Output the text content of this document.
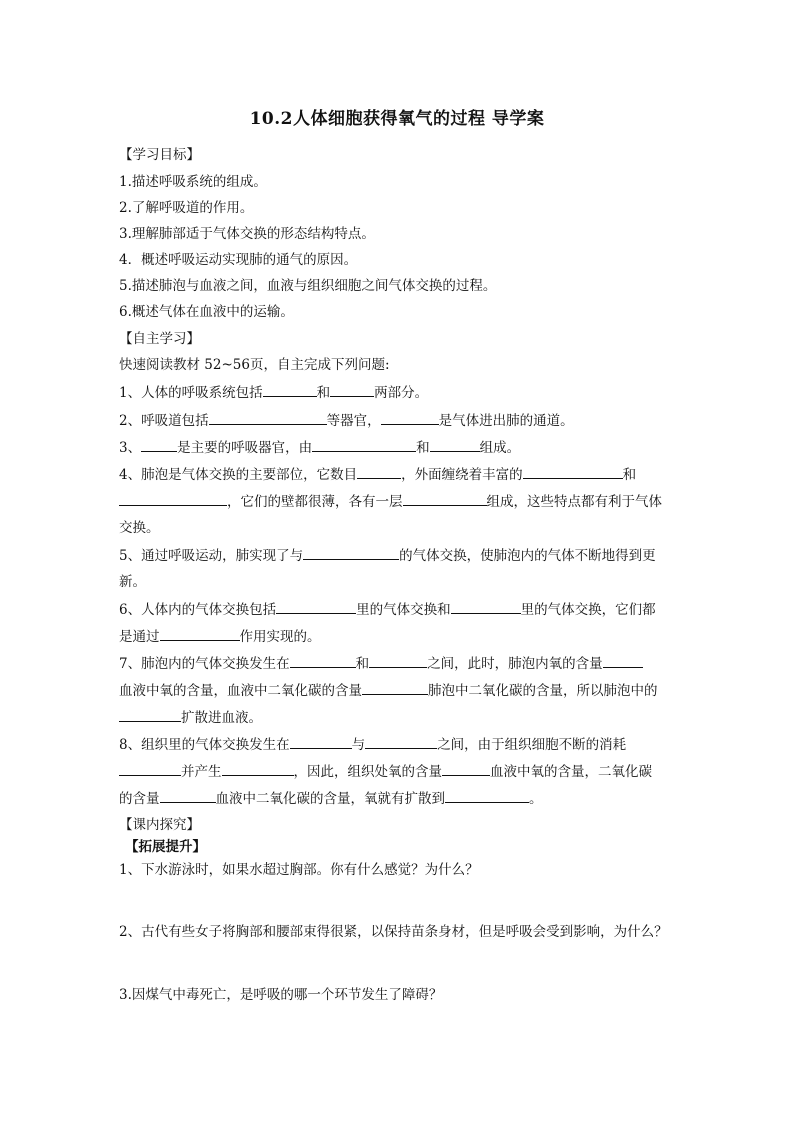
10.2人体细胞获得氧气的过程 导学案
【学习目标】
1.描述呼吸系统的组成。
2.了解呼吸道的作用。
3.理解肺部适于气体交换的形态结构特点。
4．概述呼吸运动实现肺的通气的原因。
5.描述肺泡与血液之间，血液与组织细胞之间气体交换的过程。
6.概述气体在血液中的运输。
【自主学习】
快速阅读教材 52~56页，自主完成下列问题:
1、人体的呼吸系统包括	和	两部分。
2、呼吸道包括	等器官，	是气体进出肺的通道。
3、	是主要的呼吸器官，由	和	组成。
4、肺泡是气体交换的主要部位，它数目	，外面缠绕着丰富的	和
，它们的壁都很薄，各有一层	组成，这些特点都有利于气体
交换。
5、通过呼吸运动，肺实现了与	的气体交换，使肺泡内的气体不断地得到更
新。
6、人体内的气体交换包括	里的气体交换和	里的气体交换，它们都
是通过	作用实现的。
7、肺泡内的气体交换发生在	和	之间，此时，肺泡内氧的含量
血液中氧的含量，血液中二氧化碳的含量	肺泡中二氧化碳的含量，所以肺泡中的
扩散进血液。
8、组织里的气体交换发生在	与	之间，由于组织细胞不断的消耗
并产生	，因此，组织处氧的含量	血液中氧的含量，二氧化碳
的含量	血液中二氧化碳的含量，氧就有扩散到	。
【课内探究】
【拓展提升】
1、下水游泳时，如果水超过胸部。你有什么感觉？为什么？
2、古代有些女子将胸部和腰部束得很紧，以保持苗条身材，但是呼吸会受到影响，为什么？
3.因煤气中毒死亡，是呼吸的哪一个环节发生了障碍？
